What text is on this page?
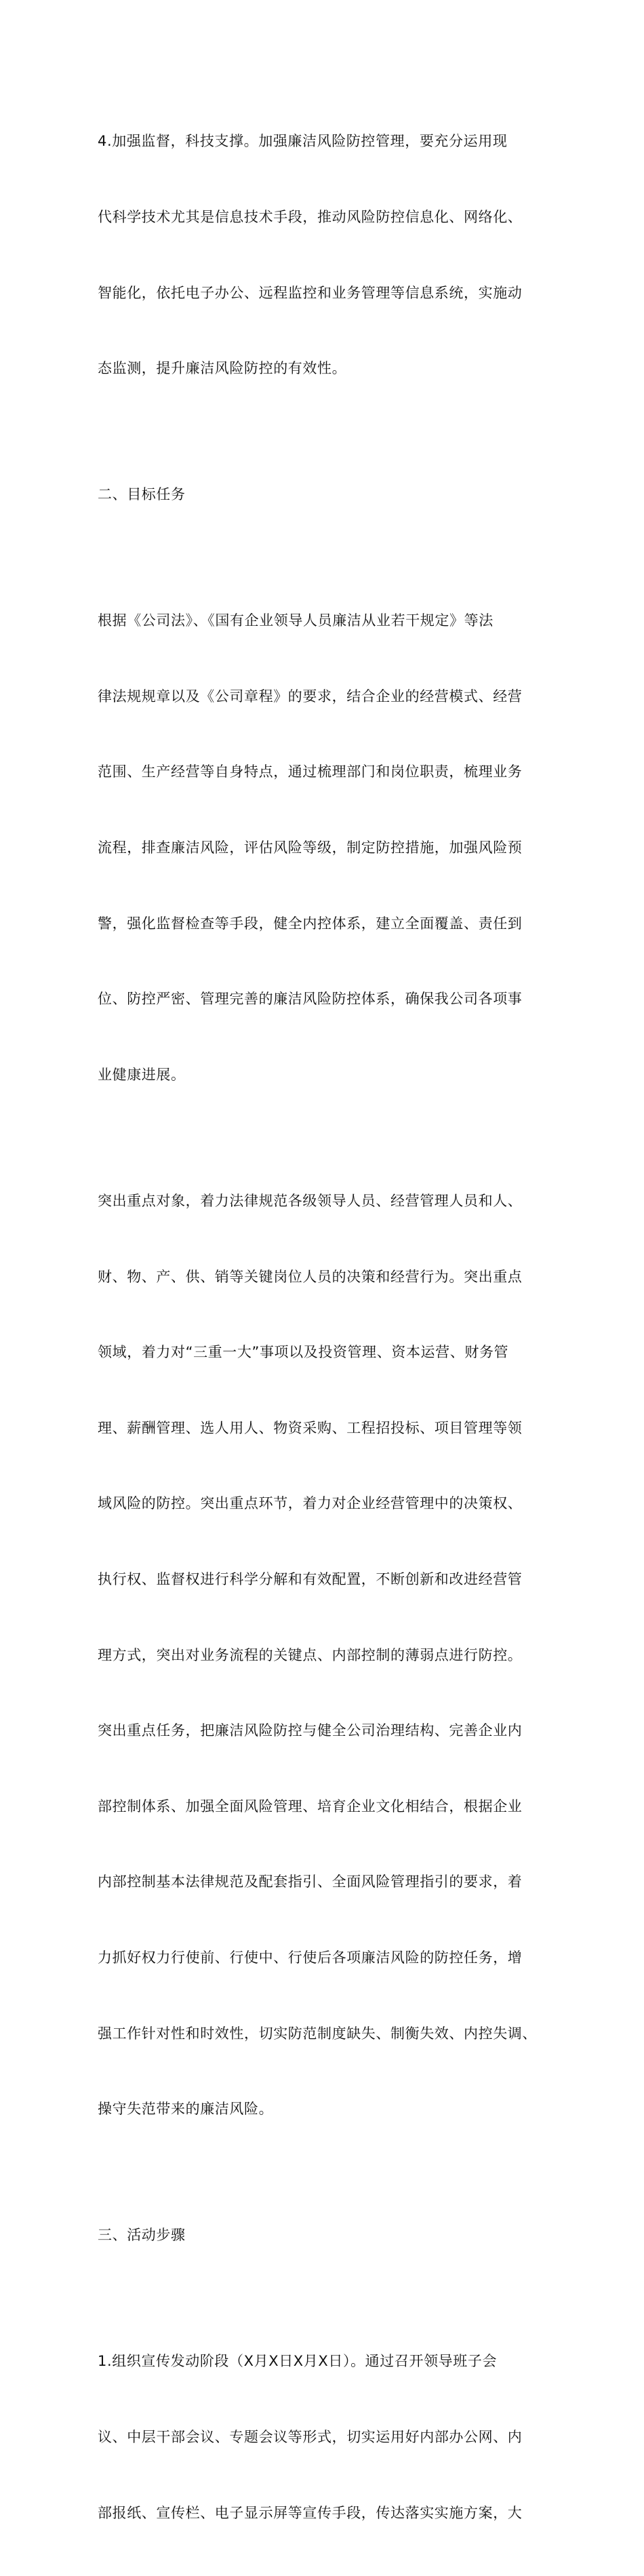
4.加强监督，科技支撑。加强廉洁风险防控管理，要充分运用现

代科学技术尤其是信息技术手段，推动风险防控信息化、网络化、

智能化，依托电子办公、远程监控和业务管理等信息系统，实施动

态监测，提升廉洁风险防控的有效性。

二、目标任务

根据《公司法》、《国有企业领导人员廉洁从业若干规定》等法

律法规规章以及《公司章程》的要求，结合企业的经营模式、经营

范围、生产经营等自身特点，通过梳理部门和岗位职责，梳理业务

流程，排查廉洁风险，评估风险等级，制定防控措施，加强风险预

警，强化监督检查等手段，健全内控体系，建立全面覆盖、责任到

位、防控严密、管理完善的廉洁风险防控体系，确保我公司各项事

业健康进展。

突出重点对象，着力法律规范各级领导人员、经营管理人员和人、

财、物、产、供、销等关键岗位人员的决策和经营行为。突出重点

领域，着力对“三重一大”事项以及投资管理、资本运营、财务管

理、薪酬管理、选人用人、物资采购、工程招投标、项目管理等领

域风险的防控。突出重点环节，着力对企业经营管理中的决策权、

执行权、监督权进行科学分解和有效配置，不断创新和改进经营管

理方式，突出对业务流程的关键点、内部控制的薄弱点进行防控。

突出重点任务，把廉洁风险防控与健全公司治理结构、完善企业内

部控制体系、加强全面风险管理、培育企业文化相结合，根据企业

内部控制基本法律规范及配套指引、全面风险管理指引的要求，着

力抓好权力行使前、行使中、行使后各项廉洁风险的防控任务，增

强工作针对性和时效性，切实防范制度缺失、制衡失效、内控失调、

操守失范带来的廉洁风险。

三、活动步骤

1.组织宣传发动阶段（X月X日X月X日）。通过召开领导班子会

议、中层干部会议、专题会议等形式，切实运用好内部办公网、内

部报纸、宣传栏、电子显示屏等宣传手段，传达落实实施方案，大
